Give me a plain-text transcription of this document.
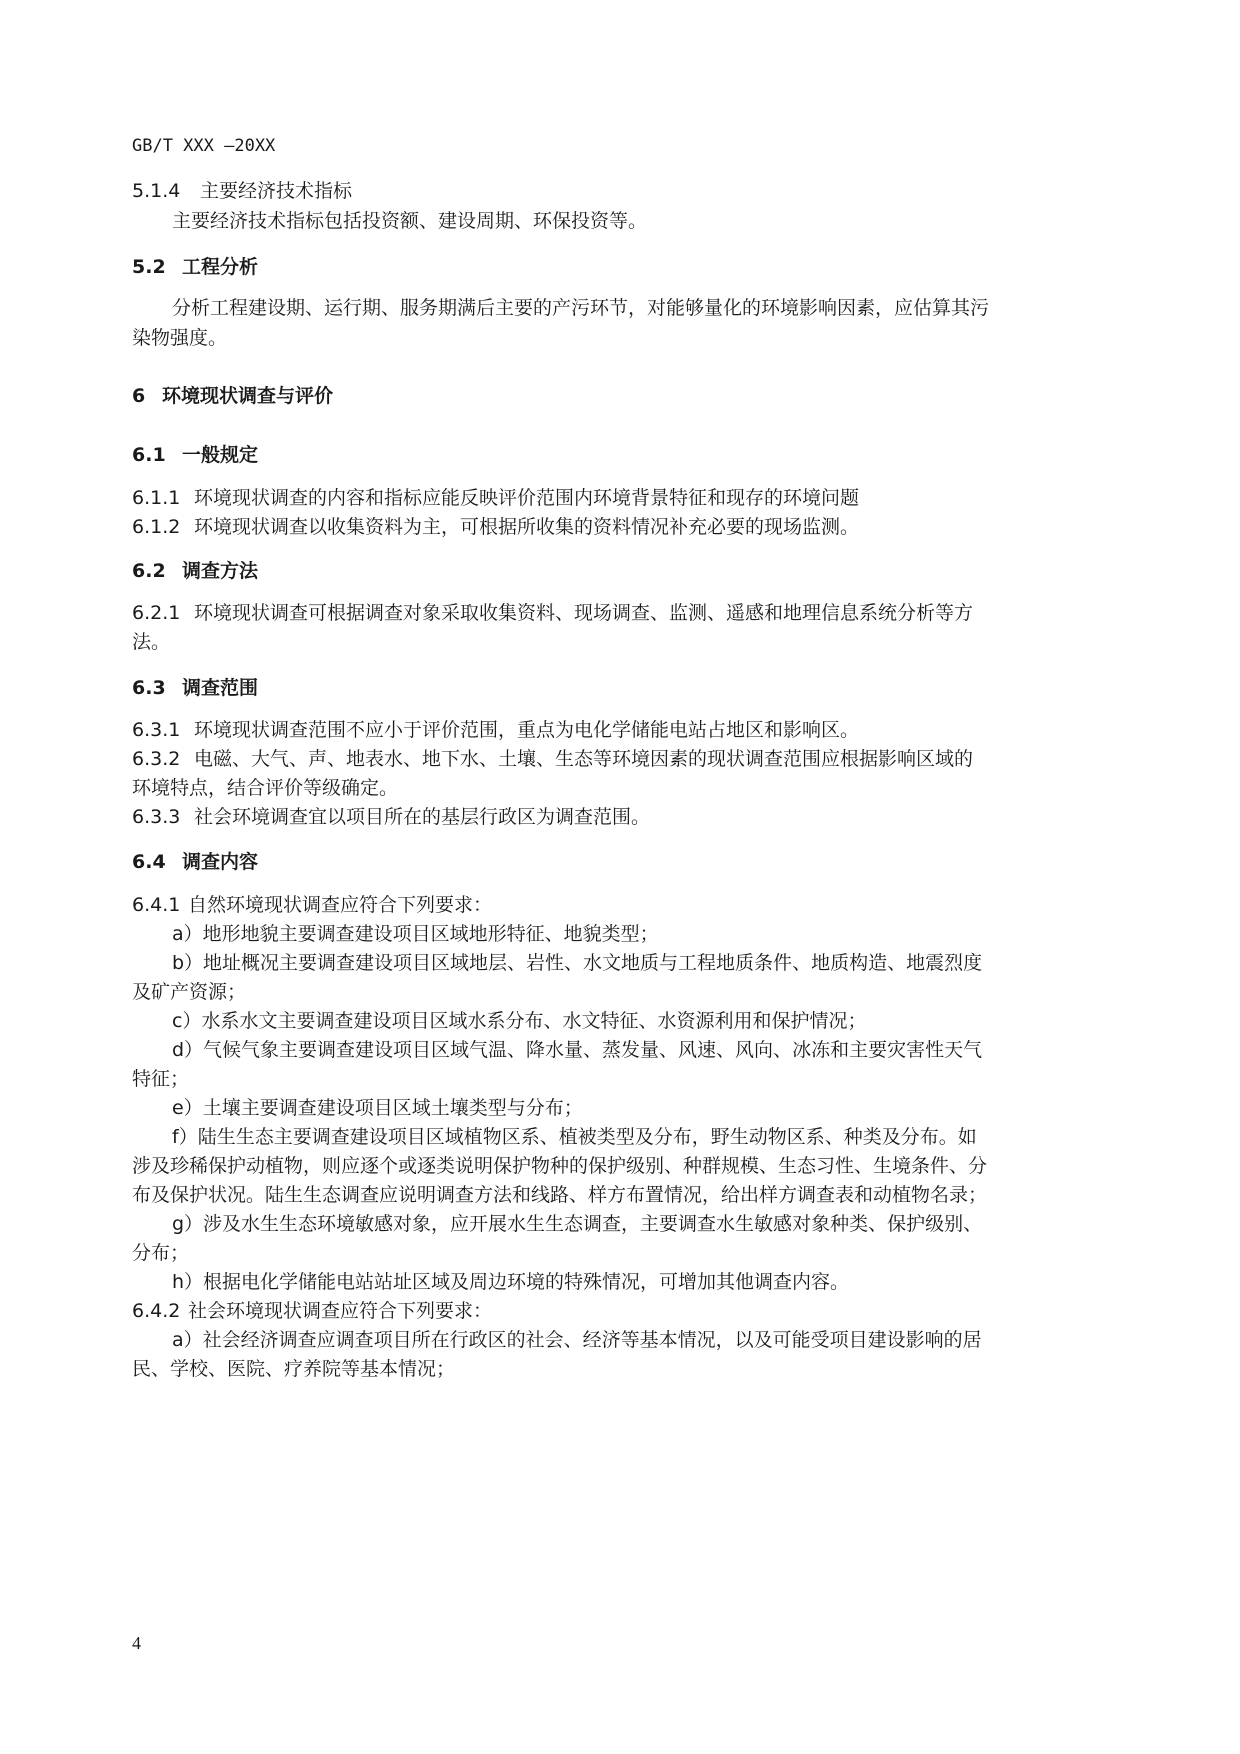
GB/T XXX —20XX
5.1.4 主要经济技术指标
主要经济技术指标包括投资额、建设周期、环保投资等。
5.2 工程分析
分析工程建设期、运行期、服务期满后主要的产污环节，对能够量化的环境影响因素，应估算其污
染物强度。
6 环境现状调查与评价
6.1 一般规定
6.1.1 环境现状调查的内容和指标应能反映评价范围内环境背景特征和现存的环境问题
6.1.2 环境现状调查以收集资料为主，可根据所收集的资料情况补充必要的现场监测。
6.2 调查方法
6.2.1 环境现状调查可根据调查对象采取收集资料、现场调查、监测、遥感和地理信息系统分析等方
法。
6.3 调查范围
6.3.1 环境现状调查范围不应小于评价范围，重点为电化学储能电站占地区和影响区。
6.3.2 电磁、大气、声、地表水、地下水、土壤、生态等环境因素的现状调查范围应根据影响区域的
环境特点，结合评价等级确定。
6.3.3 社会环境调查宜以项目所在的基层行政区为调查范围。
6.4 调查内容
6.4.1 自然环境现状调查应符合下列要求：
a）地形地貌主要调查建设项目区域地形特征、地貌类型；
b）地址概况主要调查建设项目区域地层、岩性、水文地质与工程地质条件、地质构造、地震烈度
及矿产资源；
c）水系水文主要调查建设项目区域水系分布、水文特征、水资源利用和保护情况；
d）气候气象主要调查建设项目区域气温、降水量、蒸发量、风速、风向、冰冻和主要灾害性天气
特征；
e）土壤主要调查建设项目区域土壤类型与分布；
f）陆生生态主要调查建设项目区域植物区系、植被类型及分布，野生动物区系、种类及分布。如
涉及珍稀保护动植物，则应逐个或逐类说明保护物种的保护级别、种群规模、生态习性、生境条件、分
布及保护状况。陆生生态调查应说明调查方法和线路、样方布置情况，给出样方调查表和动植物名录；
g）涉及水生生态环境敏感对象，应开展水生生态调查，主要调查水生敏感对象种类、保护级别、
分布；
h）根据电化学储能电站站址区域及周边环境的特殊情况，可增加其他调查内容。
6.4.2 社会环境现状调查应符合下列要求：
a）社会经济调查应调查项目所在行政区的社会、经济等基本情况，以及可能受项目建设影响的居
民、学校、医院、疗养院等基本情况；
4
